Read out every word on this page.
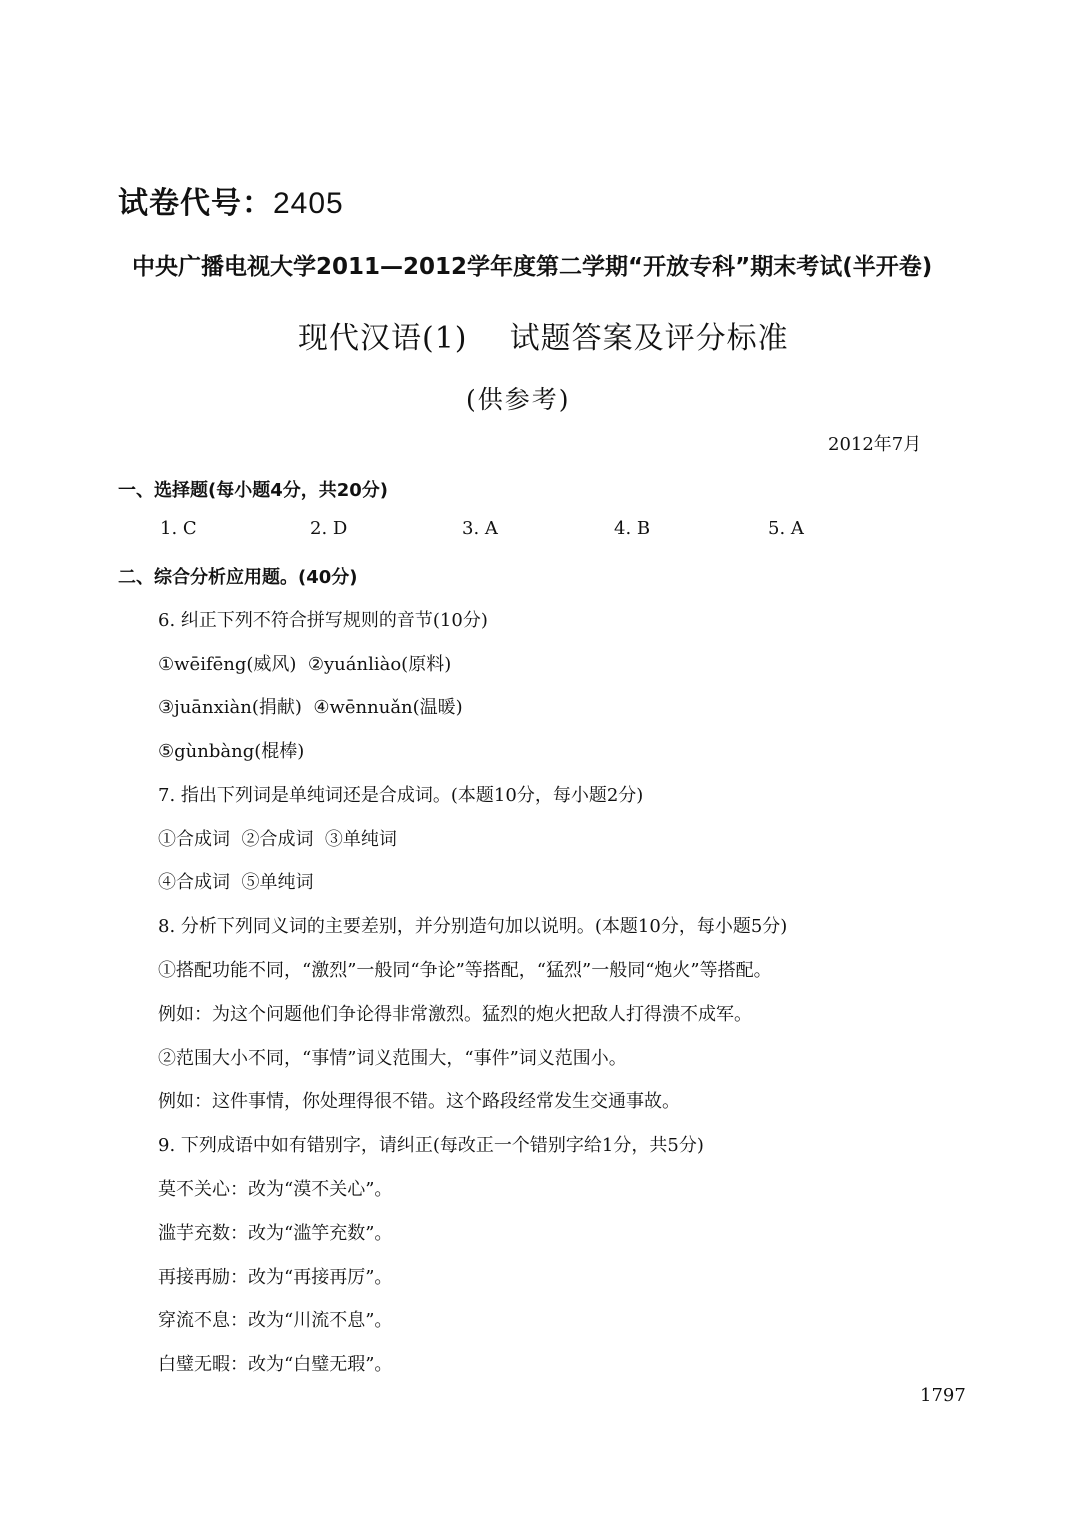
试卷代号：2405
中央广播电视大学2011—2012学年度第二学期“开放专科”期末考试(半开卷)
现代汉语(1)    试题答案及评分标准
(供参考)
2012年7月
一、选择题(每小题4分，共20分)
1. C	2. D	3. A	4. B	5. A
二、综合分析应用题。(40分)
6. 纠正下列不符合拼写规则的音节(10分)
①wēifēng(威风)  ②yuánliào(原料)
③juānxiàn(捐献)  ④wēnnuǎn(温暖)
⑤gùnbàng(棍棒)
7. 指出下列词是单纯词还是合成词。(本题10分，每小题2分)
①合成词  ②合成词  ③单纯词
④合成词  ⑤单纯词
8. 分析下列同义词的主要差别，并分别造句加以说明。(本题10分，每小题5分)
①搭配功能不同，“激烈”一般同“争论”等搭配，“猛烈”一般同“炮火”等搭配。
例如：为这个问题他们争论得非常激烈。猛烈的炮火把敌人打得溃不成军。
②范围大小不同，“事情”词义范围大，“事件”词义范围小。
例如：这件事情，你处理得很不错。这个路段经常发生交通事故。
9. 下列成语中如有错别字，请纠正(每改正一个错别字给1分，共5分)
莫不关心：改为“漠不关心”。
滥芋充数：改为“滥竽充数”。
再接再励：改为“再接再厉”。
穿流不息：改为“川流不息”。
白璧无暇：改为“白璧无瑕”。
1797
